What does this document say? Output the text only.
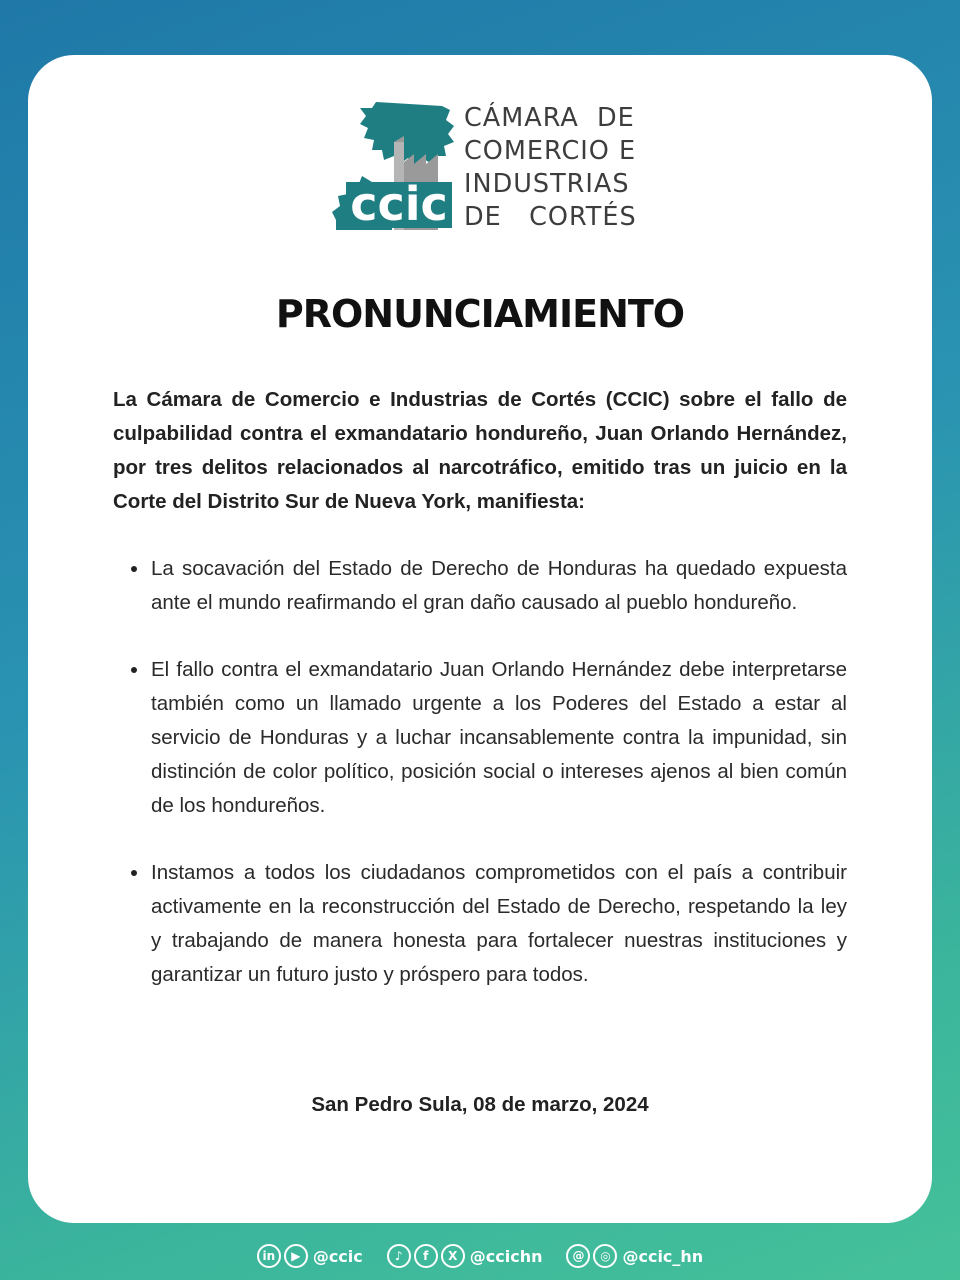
ccic
CÁMARA  DE
COMERCIO E
INDUSTRIAS
DE   CORTÉS
PRONUNCIAMIENTO
La Cámara de Comercio e Industrias de Cortés (CCIC) sobre el fallo de culpabilidad contra el exmandatario hondureño, Juan Orlando Hernández, por tres delitos relacionados al narcotráfico, emitido tras un juicio en la Corte del Distrito Sur de Nueva York, manifiesta:
La socavación del Estado de Derecho de Honduras ha quedado expuesta ante el mundo reafirmando el gran daño causado al pueblo hondureño.
El fallo contra el exmandatario Juan Orlando Hernández debe interpretarse también como un llamado urgente a los Poderes del Estado a estar al servicio de Honduras y a luchar incansablemente contra la impunidad, sin distinción de color político, posición social o intereses ajenos al bien común de los hondureños.
Instamos a todos los ciudadanos comprometidos con el país a contribuir activamente en la reconstrucción del Estado de Derecho, respetando la ley y trabajando de manera honesta para fortalecer nuestras instituciones y garantizar un futuro justo y próspero para todos.
San Pedro Sula, 08 de marzo, 2024
in	▶ @ccic	♪	f	X @ccichn	@	◎ @ccic_hn
